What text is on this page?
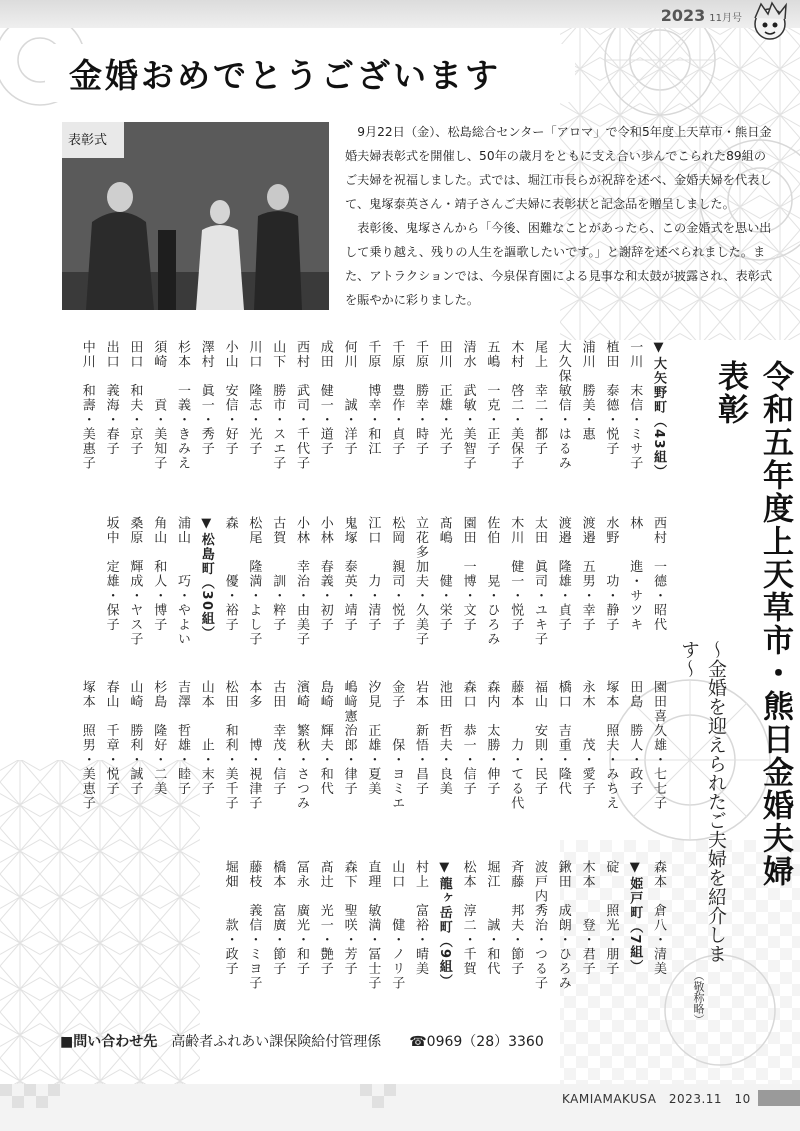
2023 11月号
金婚おめでとうございます
表彰式

9月22日（金）、松島総合センター「アロマ」で令和5年度上天草市・熊日金婚夫婦表彰式を開催し、50年の歳月をともに支え合い歩んでこられた89組のご夫婦を祝福しました。式では、堀江市長らが祝辞を述べ、金婚夫婦を代表して、鬼塚泰英さん・靖子さんご夫婦に表彰状と記念品を贈呈しました。

表彰後、鬼塚さんから「今後、困難なことがあったら、この金婚式を思い出して乗り越え、残りの人生を謳歌したいです。」と謝辞を述べられました。また、アトラクションでは、今泉保育園による見事な和太鼓が披露され、表彰式を賑やかに彩りました。

令和五年度上天草市・熊日金婚夫婦表彰
〜金婚を迎えられたご夫婦を紹介します〜
（敬称略）
▼大矢野町（43組）
一川　末信・ミサ子
植田　泰德・悦子
浦川　勝美・惠
大久保敏信・はるみ
尾上　幸二・都子
木村　啓二・美保子
五嶋　一克・正子
清水　武敏・美智子
田川　正雄・光子
千原　勝幸・時子
千原　豊作・貞子
千原　博幸・和江
何川　　誠・洋子
成田　健一・道子
西村　武司・千代子
山下　勝市・スエ子
川口　隆志・光子
小山　安信・好子
澤村　眞一・秀子
杉本　一義・きみえ
須崎　　貢・美知子
田口　和夫・京子
出口　義海・春子
中川　和壽・美惠子
西村　一德・昭代
林　　進・サツキ
水野　　功・静子
渡邉　五男・幸子
渡邉　隆雄・貞子
太田　眞司・ユキ子
木川　健一・悦子
佐伯　　晃・ひろみ
園田　一博・文子
髙嶋　　健・栄子
立花多加夫・久美子
松岡　親司・悦子
江口　　力・清子
鬼塚　泰英・靖子
小林　春義・初子
小林　幸治・由美子
古賀　　訓・粹子
松尾　隆満・よし子
森　　　優・裕子
▼松島町（30組）
浦山　　巧・やよい
角山　和人・博子
桑原　輝成・ヤス子
坂中　定雄・保子
園田喜久雄・七七子
田島　勝人・政子
塚本　照夫・みちえ
永木　　茂・愛子
橋口　吉重・隆代
福山　安則・民子
藤本　　力・てる代
森内　太勝・伸子
森口　恭一・信子
池田　哲夫・良美
岩本　新悟・昌子
金子　　保・ヨミエ
汐見　正雄・夏美
嶋﨑憲治郎・律子
島崎　輝夫・和代
濱崎　繁秋・さつみ
古田　幸茂・信子
本多　　博・視津子
松田　和利・美千子
山本　　止・末子
吉澤　哲雄・睦子
杉島　隆好・二美
山崎　勝利・誠子
春山　千章・悦子
塚本　照男・美恵子
森本　倉八・清美
▼姫戸町（7組）
碇　　照光・朋子
木本　　登・君子
鍬田　成朗・ひろみ
波戸内秀治・つる子
斉藤　邦夫・節子
堀江　　誠・和代
松本　淳二・千賀
▼龍ヶ岳町（9組）
村上　富裕・晴美
山口　　健・ノリ子
直理　敏満・冨士子
森下　聖咲・芳子
髙辻　光一・艶子
冨永　廣光・和子
橋本　富廣・節子
藤枝　義信・ミヨ子
堀畑　　款・政子
■問い合わせ先 高齢者ふれあい課保険給付管理係 ☎0969（28）3360
KAMIAMAKUSA　2023.11　10
